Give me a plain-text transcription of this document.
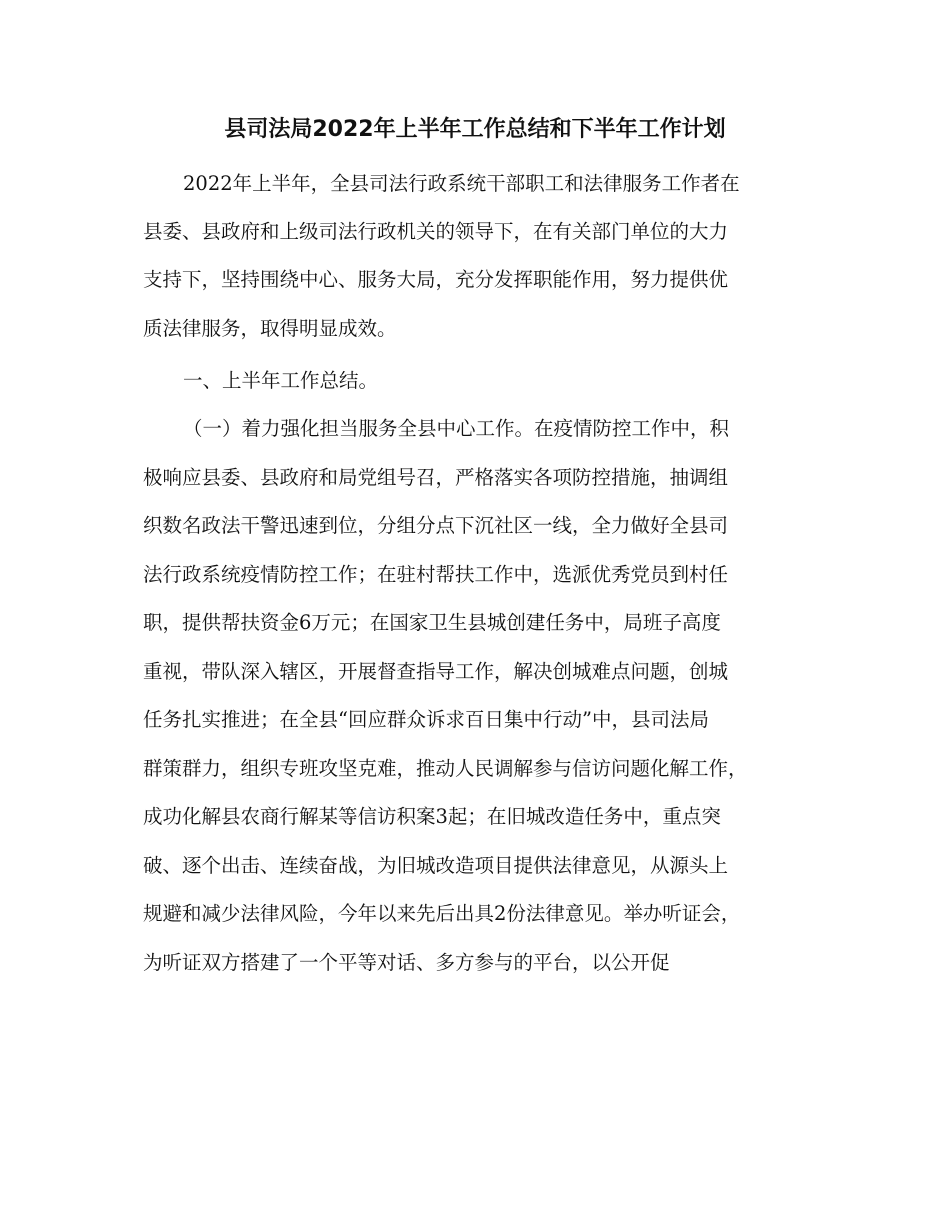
县司法局2022年上半年工作总结和下半年工作计划

2022年上半年，全县司法行政系统干部职工和法律服务工作者在

县委、县政府和上级司法行政机关的领导下，在有关部门单位的大力

支持下，坚持围绕中心、服务大局，充分发挥职能作用，努力提供优

质法律服务，取得明显成效。

一、上半年工作总结。

（一）着力强化担当服务全县中心工作。在疫情防控工作中，积

极响应县委、县政府和局党组号召，严格落实各项防控措施，抽调组

织数名政法干警迅速到位，分组分点下沉社区一线，全力做好全县司

法行政系统疫情防控工作；在驻村帮扶工作中，选派优秀党员到村任

职，提供帮扶资金6万元；在国家卫生县城创建任务中，局班子高度

重视，带队深入辖区，开展督查指导工作，解决创城难点问题，创城

任务扎实推进；在全县“回应群众诉求百日集中行动”中，县司法局

群策群力，组织专班攻坚克难，推动人民调解参与信访问题化解工作，

成功化解县农商行解某等信访积案3起；在旧城改造任务中，重点突

破、逐个出击、连续奋战，为旧城改造项目提供法律意见，从源头上

规避和减少法律风险，今年以来先后出具2份法律意见。举办听证会，

为听证双方搭建了一个平等对话、多方参与的平台，以公开促
